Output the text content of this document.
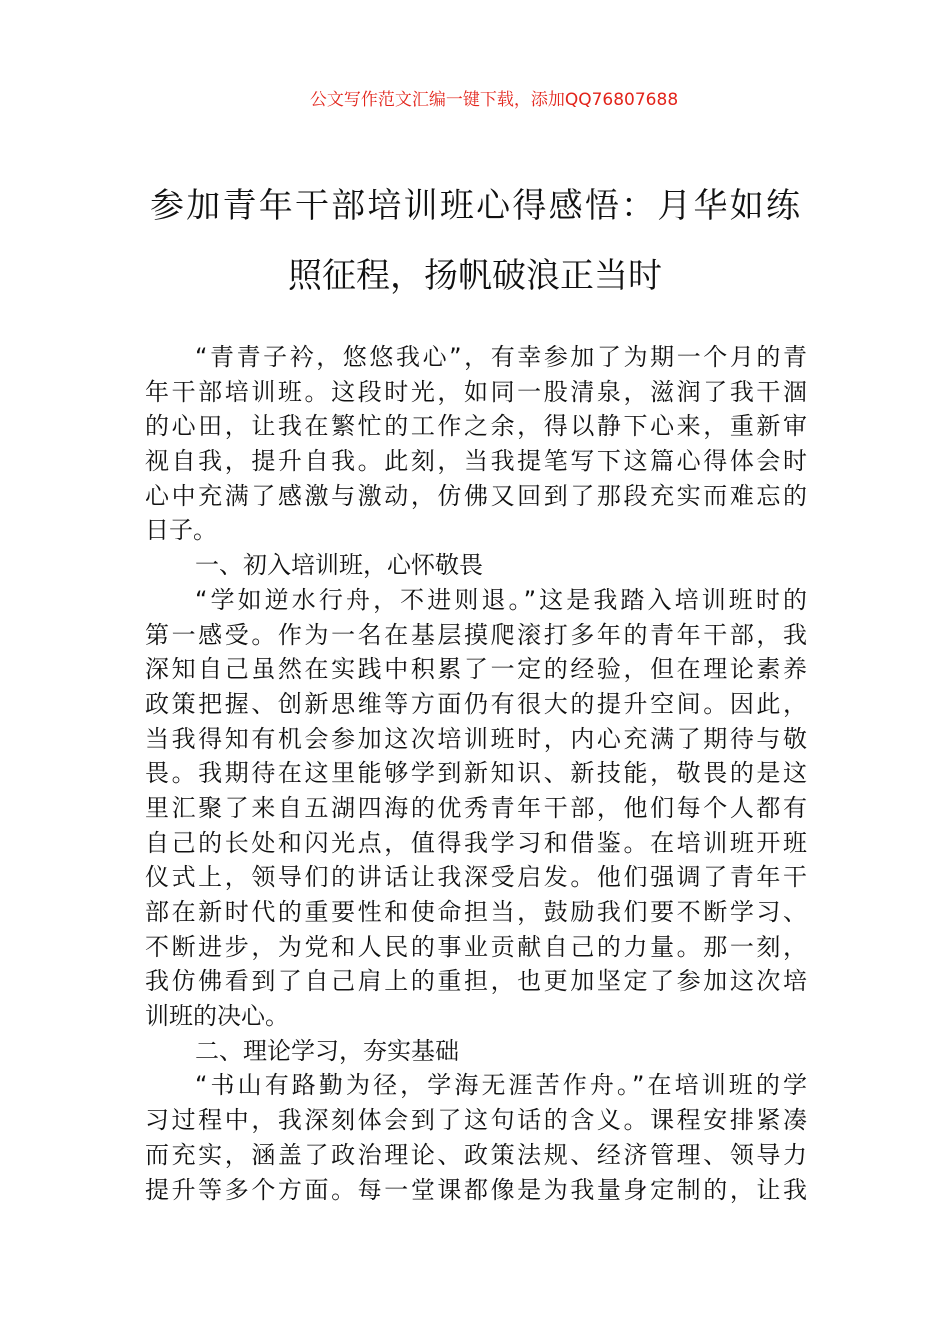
公文写作范文汇编一键下载，添加QQ76807688
参加青年干部培训班心得感悟：月华如练
照征程，扬帆破浪正当时
“青青子衿，悠悠我心”，有幸参加了为期一个月的青
年干部培训班。这段时光，如同一股清泉，滋润了我干涸
的心田，让我在繁忙的工作之余，得以静下心来，重新审
视自我，提升自我。此刻，当我提笔写下这篇心得体会时
心中充满了感激与激动，仿佛又回到了那段充实而难忘的
日子。
一、初入培训班，心怀敬畏
“学如逆水行舟，不进则退。”这是我踏入培训班时的
第一感受。作为一名在基层摸爬滚打多年的青年干部，我
深知自己虽然在实践中积累了一定的经验，但在理论素养
政策把握、创新思维等方面仍有很大的提升空间。因此，
当我得知有机会参加这次培训班时，内心充满了期待与敬
畏。我期待在这里能够学到新知识、新技能，敬畏的是这
里汇聚了来自五湖四海的优秀青年干部，他们每个人都有
自己的长处和闪光点，值得我学习和借鉴。在培训班开班
仪式上，领导们的讲话让我深受启发。他们强调了青年干
部在新时代的重要性和使命担当，鼓励我们要不断学习、
不断进步，为党和人民的事业贡献自己的力量。那一刻，
我仿佛看到了自己肩上的重担，也更加坚定了参加这次培
训班的决心。
二、理论学习，夯实基础
“书山有路勤为径，学海无涯苦作舟。”在培训班的学
习过程中，我深刻体会到了这句话的含义。课程安排紧凑
而充实，涵盖了政治理论、政策法规、经济管理、领导力
提升等多个方面。每一堂课都像是为我量身定制的，让我
